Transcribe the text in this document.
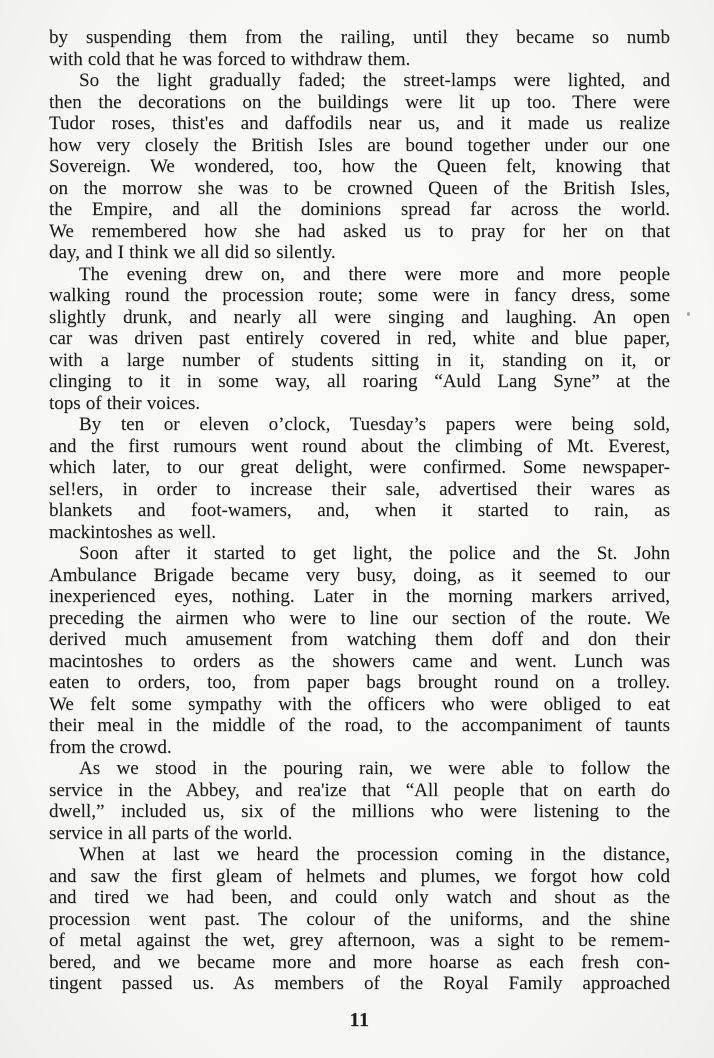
by suspending them from the railing, until they became so numb
with cold that he was forced to withdraw them.
So the light gradually faded; the street-lamps were lighted, and
then the decorations on the buildings were lit up too. There were
Tudor roses, thist'es and daffodils near us, and it made us realize
how very closely the British Isles are bound together under our one
Sovereign. We wondered, too, how the Queen felt, knowing that
on the morrow she was to be crowned Queen of the British Isles,
the Empire, and all the dominions spread far across the world.
We remembered how she had asked us to pray for her on that
day, and I think we all did so silently.
The evening drew on, and there were more and more people
walking round the procession route; some were in fancy dress, some
slightly drunk, and nearly all were singing and laughing. An open
car was driven past entirely covered in red, white and blue paper,
with a large number of students sitting in it, standing on it, or
clinging to it in some way, all roaring “Auld Lang Syne” at the
tops of their voices.
By ten or eleven o’clock, Tuesday’s papers were being sold,
and the first rumours went round about the climbing of Mt. Everest,
which later, to our great delight, were confirmed. Some newspaper-
sel!ers, in order to increase their sale, advertised their wares as
blankets and foot-wamers, and, when it started to rain, as
mackintoshes as well.
Soon after it started to get light, the police and the St. John
Ambulance Brigade became very busy, doing, as it seemed to our
inexperienced eyes, nothing. Later in the morning markers arrived,
preceding the airmen who were to line our section of the route. We
derived much amusement from watching them doff and don their
macintoshes to orders as the showers came and went. Lunch was
eaten to orders, too, from paper bags brought round on a trolley.
We felt some sympathy with the officers who were obliged to eat
their meal in the middle of the road, to the accompaniment of taunts
from the crowd.
As we stood in the pouring rain, we were able to follow the
service in the Abbey, and rea'ize that “All people that on earth do
dwell,” included us, six of the millions who were listening to the
service in all parts of the world.
When at last we heard the procession coming in the distance,
and saw the first gleam of helmets and plumes, we forgot how cold
and tired we had been, and could only watch and shout as the
procession went past. The colour of the uniforms, and the shine
of metal against the wet, grey afternoon, was a sight to be remem-
bered, and we became more and more hoarse as each fresh con-
tingent passed us. As members of the Royal Family approached
11
